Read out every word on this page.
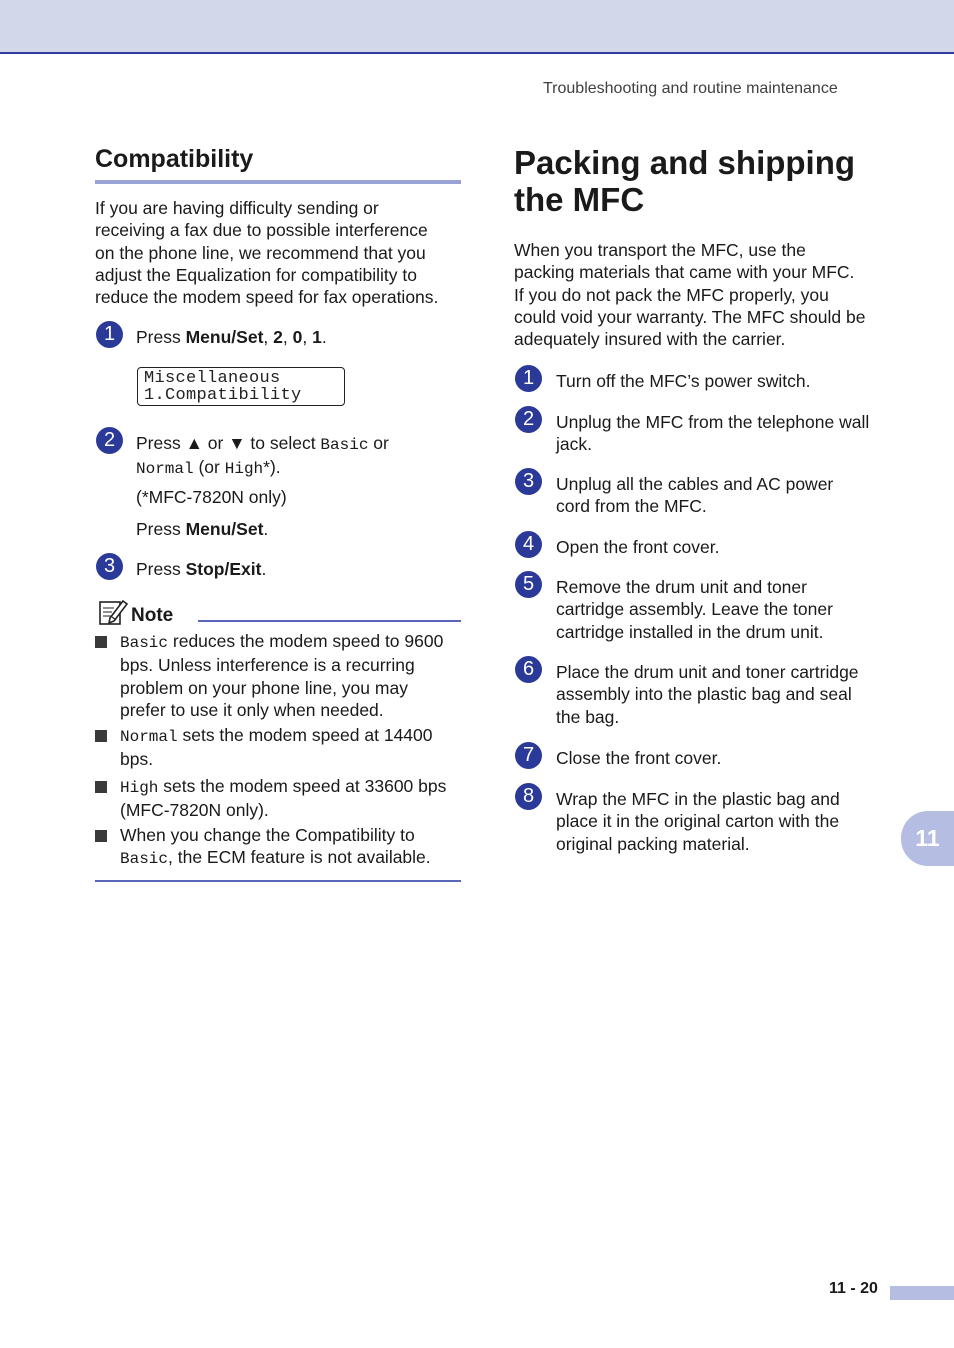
Troubleshooting and routine maintenance
Compatibility
If you are having difficulty sending or
receiving a fax due to possible interference
on the phone line, we recommend that you
adjust the Equalization for compatibility to
reduce the modem speed for fax operations.
1	Press Menu/Set, 2, 0, 1.
Miscellaneous
1.Compatibility
2	Press ▲ or ▼ to select Basic or
Normal (or High*).
(*MFC-7820N only)
Press Menu/Set.
3	Press Stop/Exit.
Note
Basic reduces the modem speed to 9600
bps. Unless interference is a recurring
problem on your phone line, you may
prefer to use it only when needed.
Normal sets the modem speed at 14400
bps.
High sets the modem speed at 33600 bps
(MFC-7820N only).
When you change the Compatibility to
Basic, the ECM feature is not available.
Packing and shipping
the MFC
When you transport the MFC, use the
packing materials that came with your MFC.
If you do not pack the MFC properly, you
could void your warranty. The MFC should be
adequately insured with the carrier.
1	Turn off the MFC’s power switch.
2	Unplug the MFC from the telephone wall
jack.
3	Unplug all the cables and AC power
cord from the MFC.
4	Open the front cover.
5	Remove the drum unit and toner
cartridge assembly. Leave the toner
cartridge installed in the drum unit.
6	Place the drum unit and toner cartridge
assembly into the plastic bag and seal
the bag.
7	Close the front cover.
8	Wrap the MFC in the plastic bag and
place it in the original carton with the
original packing material.	11
11 - 20
